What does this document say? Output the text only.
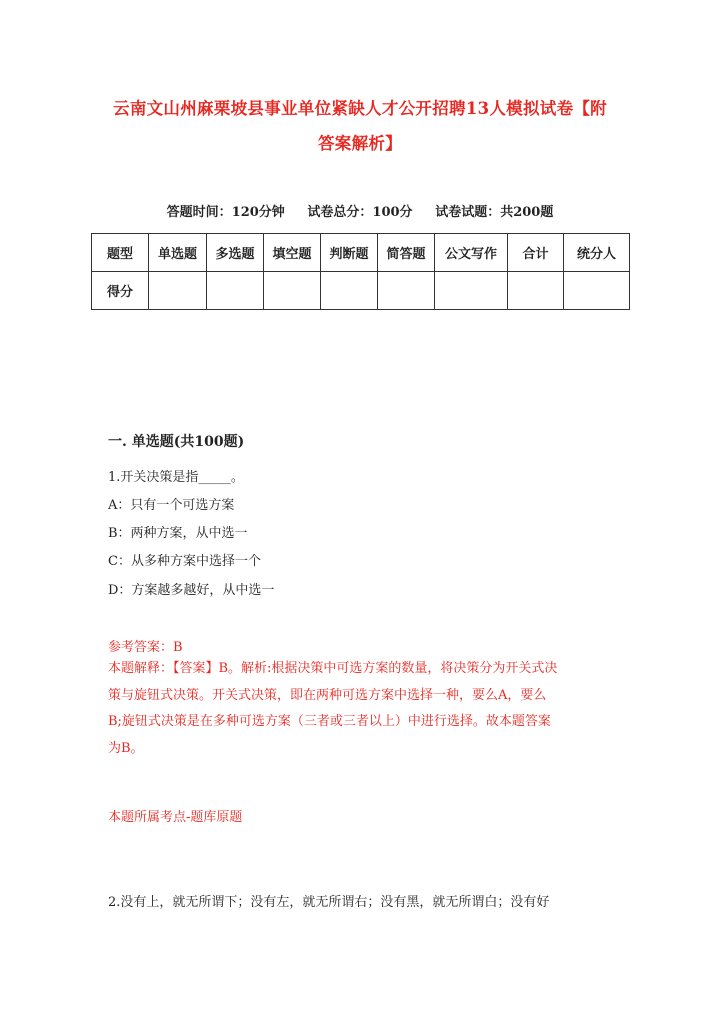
云南文山州麻栗坡县事业单位紧缺人才公开招聘13人模拟试卷【附
答案解析】
答题时间：120分钟     试卷总分：100分     试卷试题：共200题
题型	单选题	多选题	填空题	判断题	简答题	公文写作	合计	统分人
得分								
一. 单选题(共100题)
1.开关决策是指_____。
A：只有一个可选方案
B：两种方案，从中选一
C：从多种方案中选择一个
D：方案越多越好，从中选一
参考答案：B
本题解释：【答案】B。解析:根据决策中可选方案的数量，将决策分为开关式决
策与旋钮式决策。开关式决策，即在两种可选方案中选择一种，要么A，要么
B;旋钮式决策是在多种可选方案（三者或三者以上）中进行选择。故本题答案
为B。
本题所属考点-题库原题
2.没有上，就无所谓下；没有左，就无所谓右；没有黑，就无所谓白；没有好
